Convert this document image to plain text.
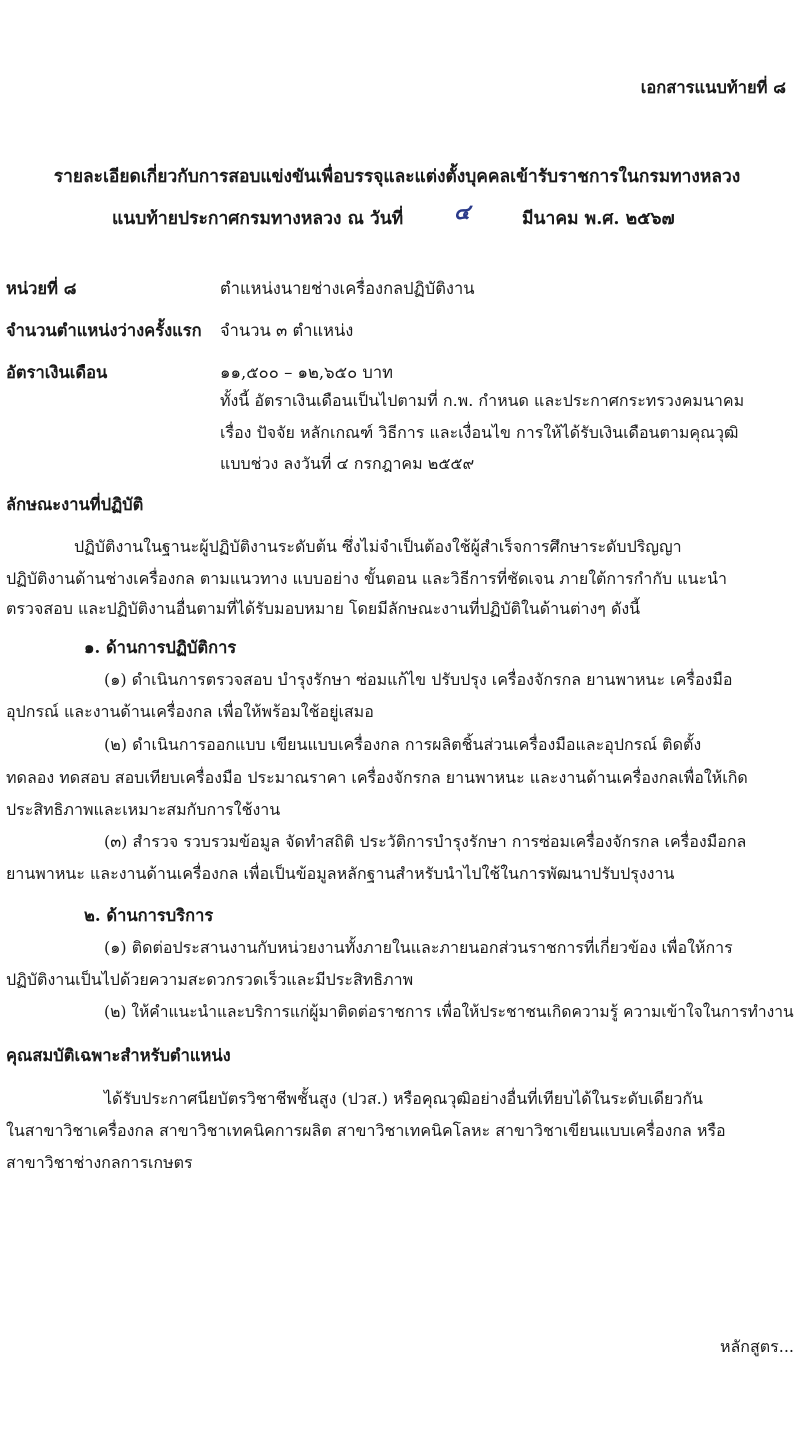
เอกสารแนบท้ายที่ ๘
รายละเอียดเกี่ยวกับการสอบแข่งขันเพื่อบรรจุและแต่งตั้งบุคคลเข้ารับราชการในกรมทางหลวง
แนบท้ายประกาศกรมทางหลวง ณ วันที่ ๔	มีนาคม พ.ศ. ๒๕๖๗
หน่วยที่ ๘	ตำแหน่งนายช่างเครื่องกลปฏิบัติงาน
จำนวนตำแหน่งว่างครั้งแรก จำนวน ๓ ตำแหน่ง
อัตราเงินเดือน	๑๑,๕๐๐ – ๑๒,๖๕๐ บาท
ทั้งนี้ อัตราเงินเดือนเป็นไปตามที่ ก.พ. กำหนด และประกาศกระทรวงคมนาคม
เรื่อง ปัจจัย หลักเกณฑ์ วิธีการ และเงื่อนไข การให้ได้รับเงินเดือนตามคุณวุฒิ
แบบช่วง ลงวันที่ ๔ กรกฎาคม ๒๕๕๙
ลักษณะงานที่ปฏิบัติ
ปฏิบัติงานในฐานะผู้ปฏิบัติงานระดับต้น ซึ่งไม่จำเป็นต้องใช้ผู้สำเร็จการศึกษาระดับปริญญา
ปฏิบัติงานด้านช่างเครื่องกล ตามแนวทาง แบบอย่าง ขั้นตอน และวิธีการที่ชัดเจน ภายใต้การกำกับ แนะนำ
ตรวจสอบ และปฏิบัติงานอื่นตามที่ได้รับมอบหมาย โดยมีลักษณะงานที่ปฏิบัติในด้านต่างๆ ดังนี้
๑. ด้านการปฏิบัติการ
(๑) ดำเนินการตรวจสอบ บำรุงรักษา ซ่อมแก้ไข ปรับปรุง เครื่องจักรกล ยานพาหนะ เครื่องมือ
อุปกรณ์ และงานด้านเครื่องกล เพื่อให้พร้อมใช้อยู่เสมอ
(๒) ดำเนินการออกแบบ เขียนแบบเครื่องกล การผลิตชิ้นส่วนเครื่องมือและอุปกรณ์ ติดตั้ง
ทดลอง ทดสอบ สอบเทียบเครื่องมือ ประมาณราคา เครื่องจักรกล ยานพาหนะ และงานด้านเครื่องกลเพื่อให้เกิด
ประสิทธิภาพและเหมาะสมกับการใช้งาน
(๓) สำรวจ รวบรวมข้อมูล จัดทำสถิติ ประวัติการบำรุงรักษา การซ่อมเครื่องจักรกล เครื่องมือกล
ยานพาหนะ และงานด้านเครื่องกล เพื่อเป็นข้อมูลหลักฐานสำหรับนำไปใช้ในการพัฒนาปรับปรุงงาน
๒. ด้านการบริการ
(๑) ติดต่อประสานงานกับหน่วยงานทั้งภายในและภายนอกส่วนราชการที่เกี่ยวข้อง เพื่อให้การ
ปฏิบัติงานเป็นไปด้วยความสะดวกรวดเร็วและมีประสิทธิภาพ
(๒) ให้คำแนะนำและบริการแก่ผู้มาติดต่อราชการ เพื่อให้ประชาชนเกิดความรู้ ความเข้าใจในการทำงาน
คุณสมบัติเฉพาะสำหรับตำแหน่ง
ได้รับประกาศนียบัตรวิชาชีพชั้นสูง (ปวส.) หรือคุณวุฒิอย่างอื่นที่เทียบได้ในระดับเดียวกัน
ในสาขาวิชาเครื่องกล สาขาวิชาเทคนิคการผลิต สาขาวิชาเทคนิคโลหะ สาขาวิชาเขียนแบบเครื่องกล หรือ
สาขาวิชาช่างกลการเกษตร
หลักสูตร...
